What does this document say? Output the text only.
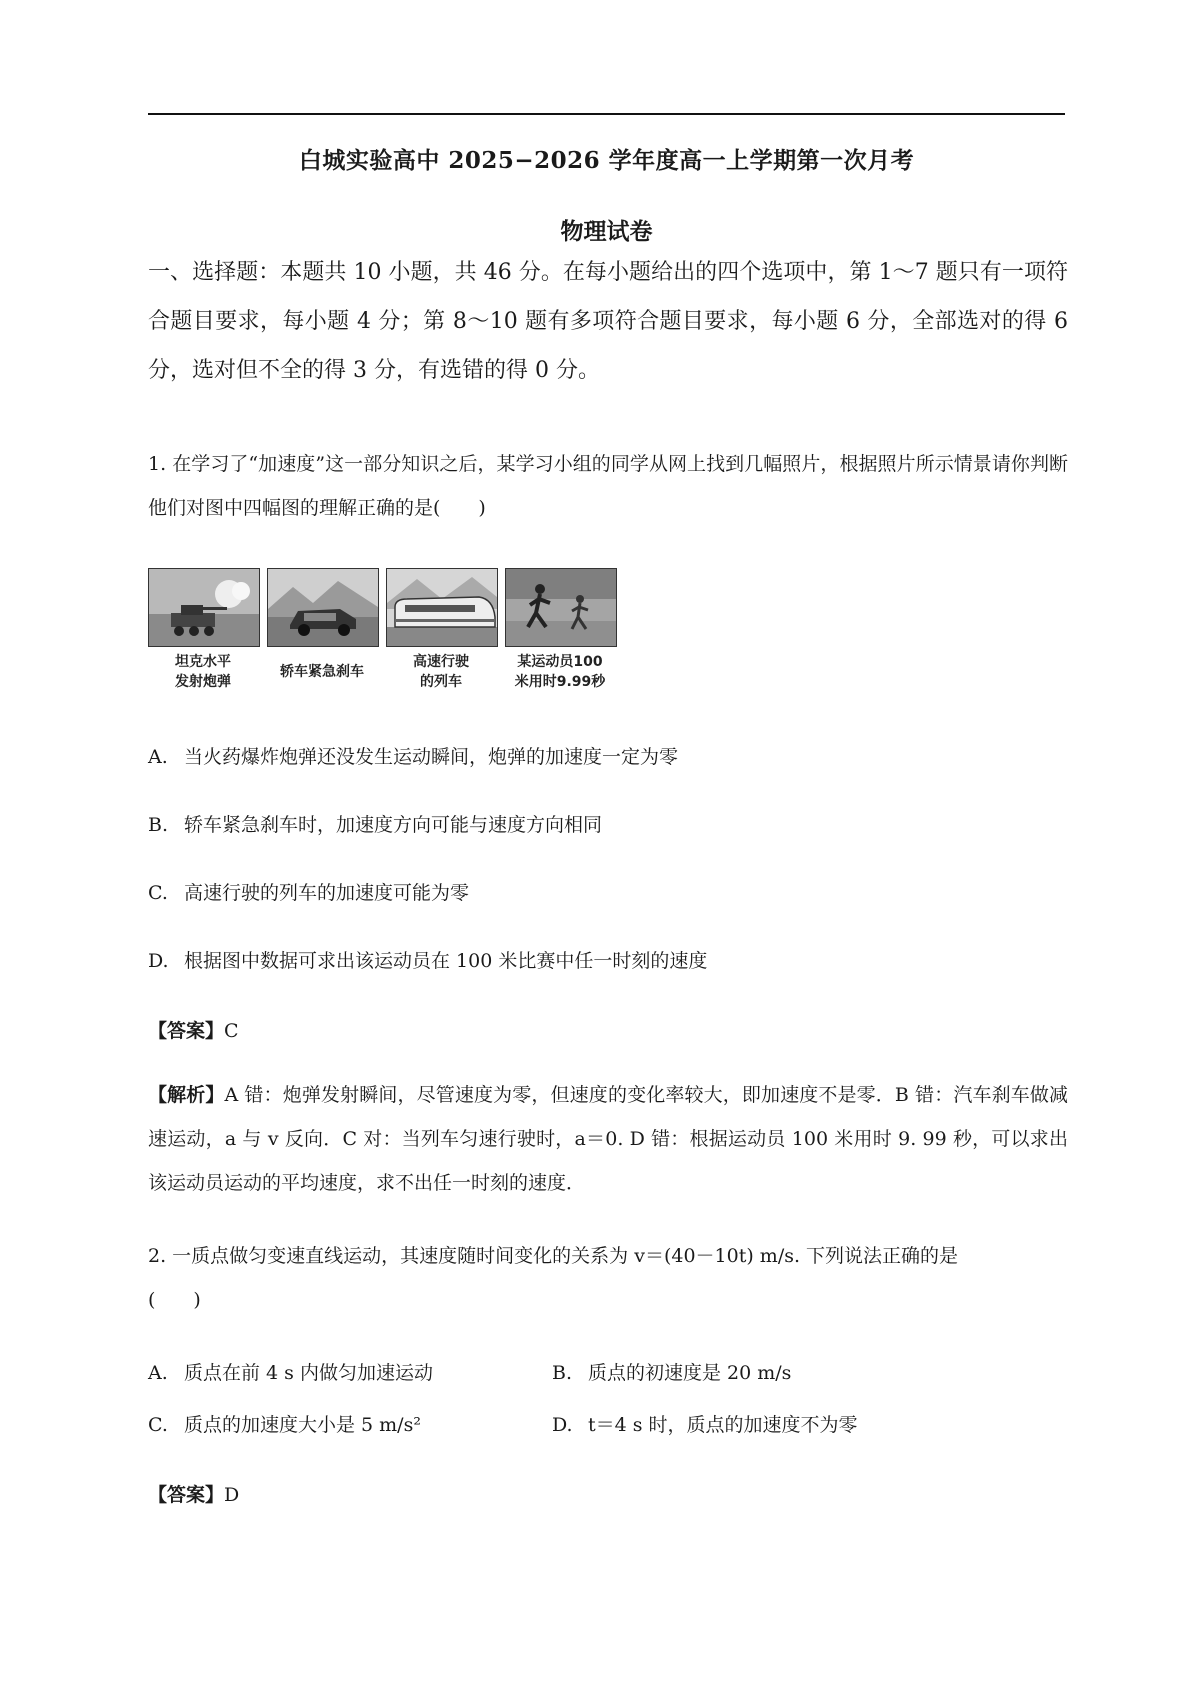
白城实验高中 2025−2026 学年度高一上学期第一次月考
物理试卷
一、选择题：本题共 10 小题，共 46 分。在每小题给出的四个选项中，第 1～7 题只有一项符合题目要求，每小题 4 分；第 8～10 题有多项符合题目要求，每小题 6 分，全部选对的得 6 分，选对但不全的得 3 分，有选错的得 0 分。
1. 在学习了“加速度”这一部分知识之后，某学习小组的同学从网上找到几幅照片，根据照片所示情景请你判断他们对图中四幅图的理解正确的是(　　)
坦克水平
发射炮弹
轿车紧急刹车
高速行驶
的列车
某运动员100
米用时9.99秒
A. 当火药爆炸炮弹还没发生运动瞬间，炮弹的加速度一定为零
B. 轿车紧急刹车时，加速度方向可能与速度方向相同
C. 高速行驶的列车的加速度可能为零
D. 根据图中数据可求出该运动员在 100 米比赛中任一时刻的速度
【答案】C
【解析】A 错：炮弹发射瞬间，尽管速度为零，但速度的变化率较大，即加速度不是零．B 错：汽车刹车做减速运动，a 与 v 反向．C 对：当列车匀速行驶时，a＝0. D 错：根据运动员 100 米用时 9. 99 秒，可以求出该运动员运动的平均速度，求不出任一时刻的速度．
2. 一质点做匀变速直线运动，其速度随时间变化的关系为 v＝(40－10t) m/s. 下列说法正确的是
(　　)
A. 质点在前 4 s 内做匀加速运动	B. 质点的初速度是 20 m/s
C. 质点的加速度大小是 5 m/s²	D. t＝4 s 时，质点的加速度不为零
【答案】D
